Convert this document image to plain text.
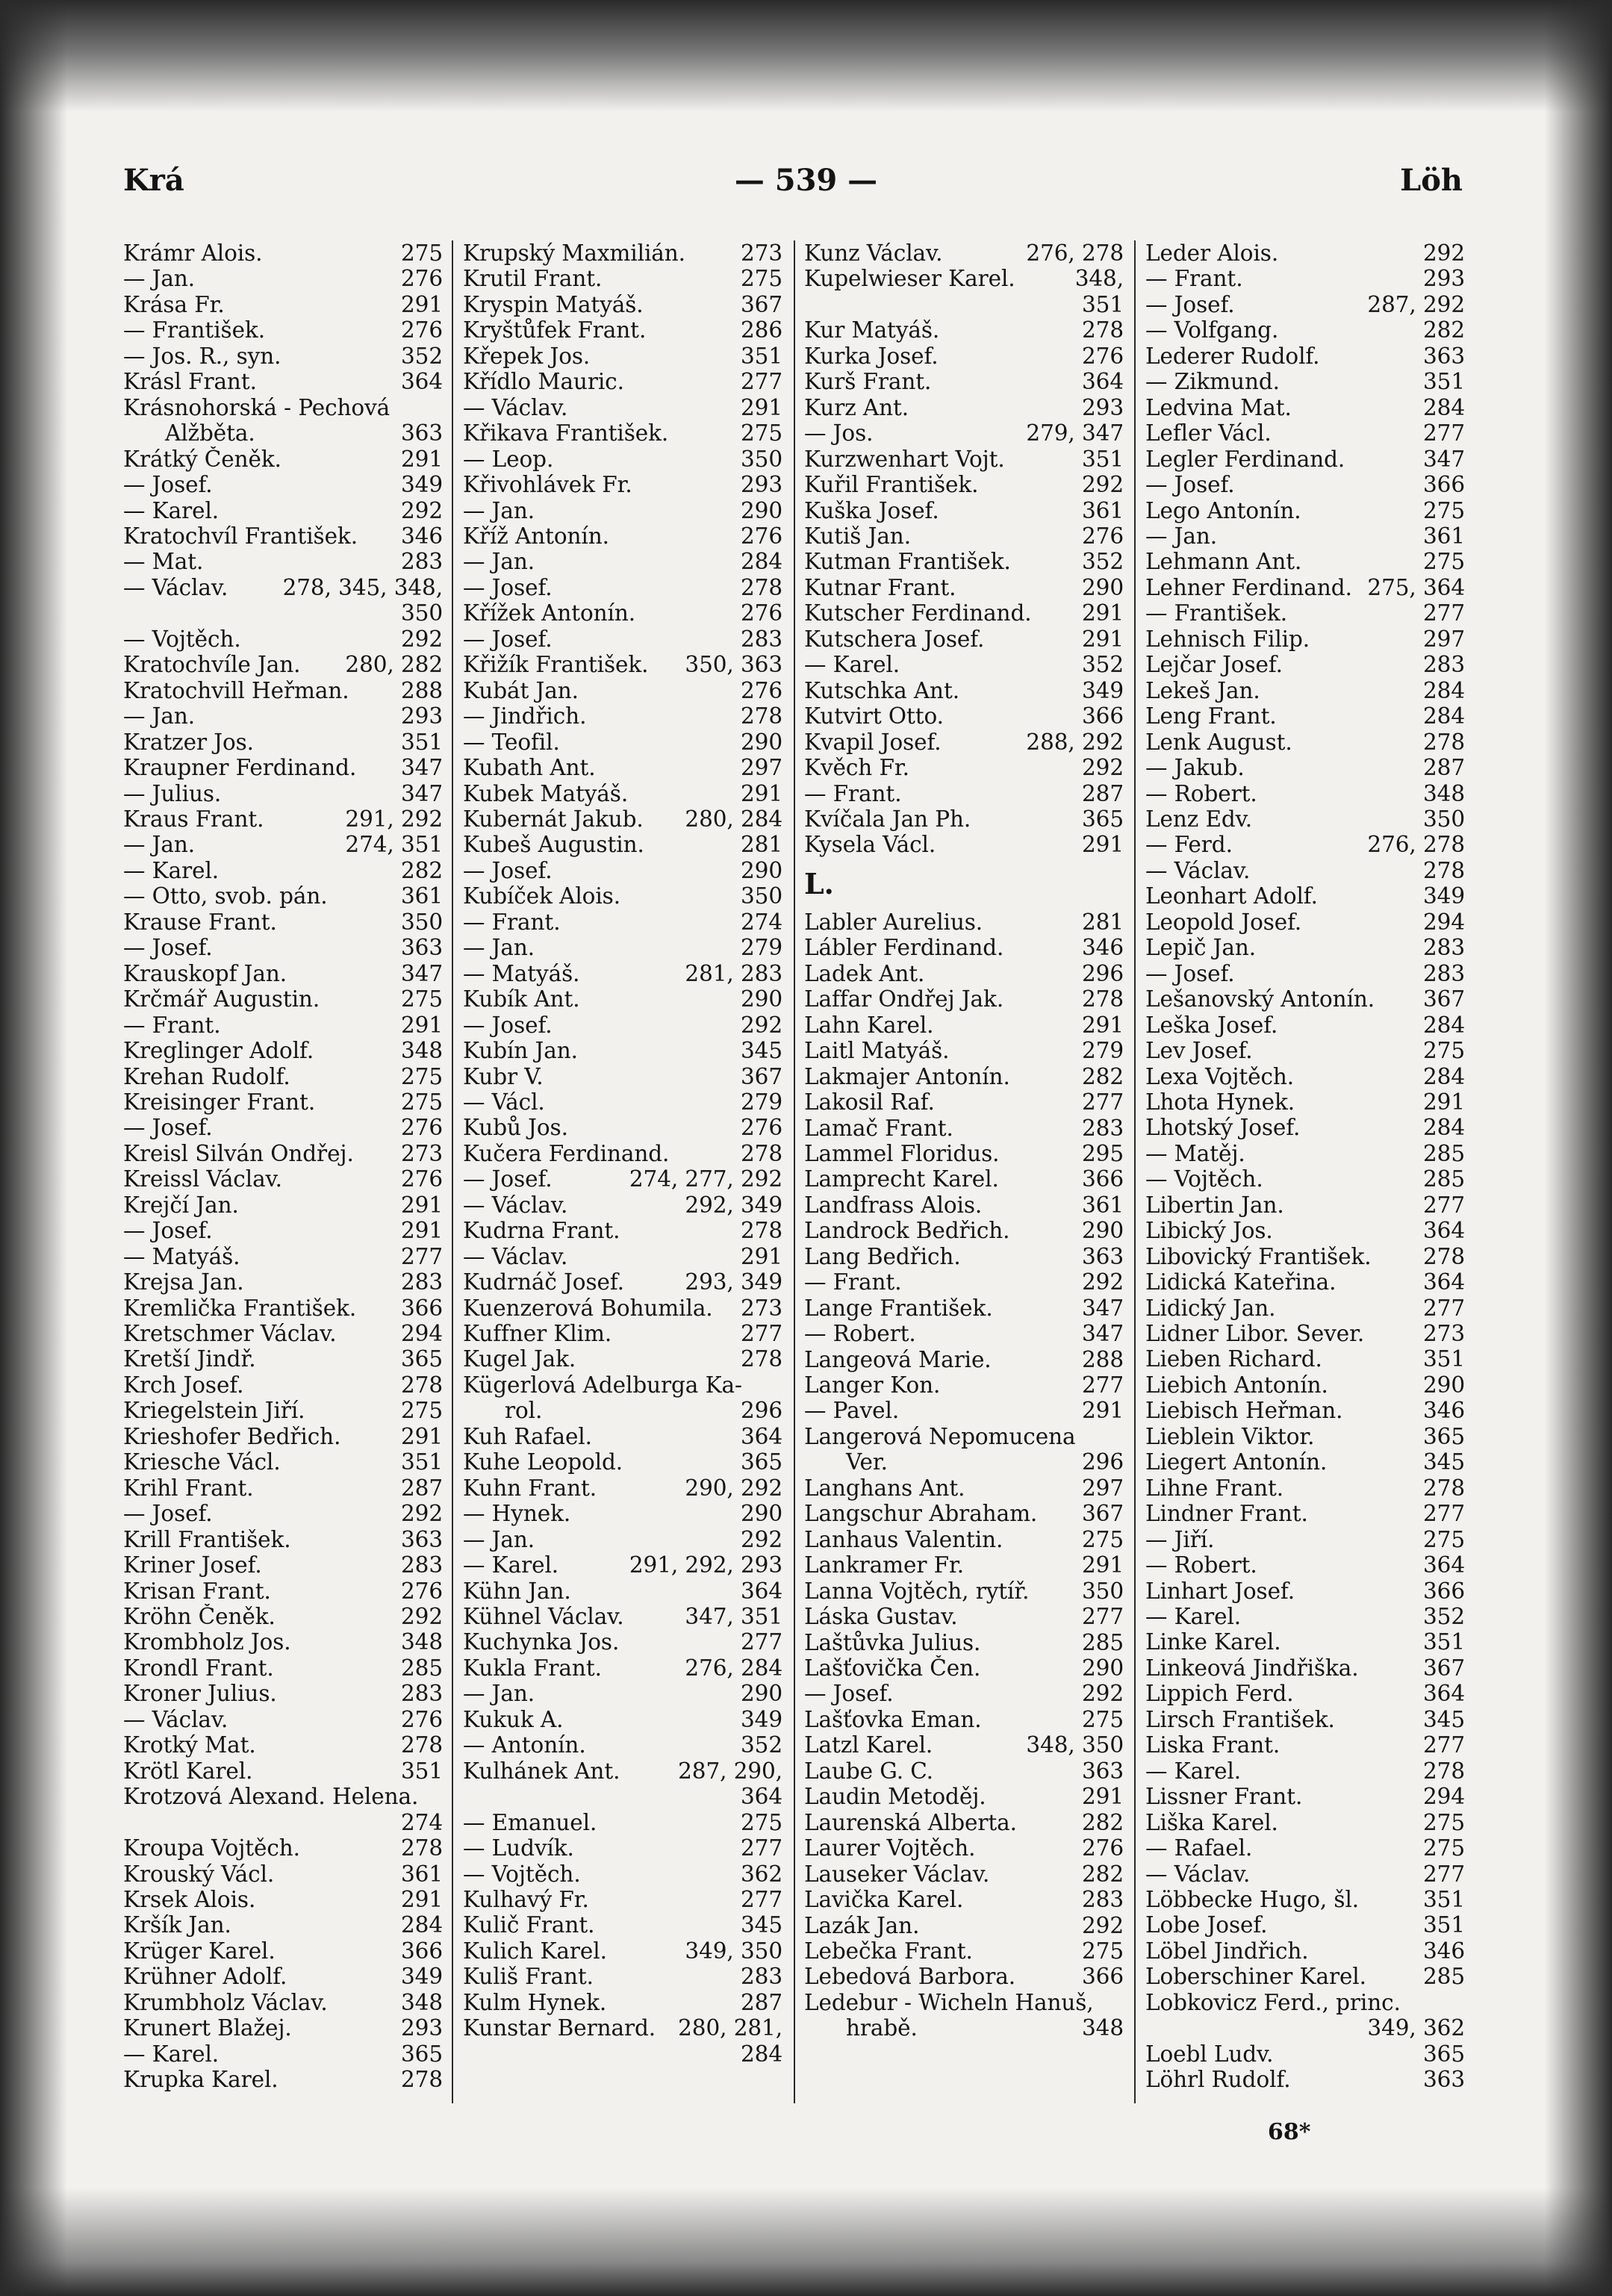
Krá	— 539 —	Löh
Krámr Alois.	275
— Jan.	276
Krása Fr.	291
— František.	276
— Jos. R., syn.	352
Krásl Frant.	364
Krásnohorská - Pechová
Alžběta.	363
Krátký Čeněk.	291
— Josef.	349
— Karel.	292
Kratochvíl František.	346
— Mat.	283
— Václav.	278, 345, 348,
350
— Vojtěch.	292
Kratochvíle Jan.	280, 282
Kratochvill Heřman.	288
— Jan.	293
Kratzer Jos.	351
Kraupner Ferdinand.	347
— Julius.	347
Kraus Frant.	291, 292
— Jan.	274, 351
— Karel.	282
— Otto, svob. pán.	361
Krause Frant.	350
— Josef.	363
Krauskopf Jan.	347
Krčmář Augustin.	275
— Frant.	291
Kreglinger Adolf.	348
Krehan Rudolf.	275
Kreisinger Frant.	275
— Josef.	276
Kreisl Silván Ondřej.	273
Kreissl Václav.	276
Krejčí Jan.	291
— Josef.	291
— Matyáš.	277
Krejsa Jan.	283
Kremlička František.	366
Kretschmer Václav.	294
Kretší Jindř.	365
Krch Josef.	278
Kriegelstein Jiří.	275
Krieshofer Bedřich.	291
Kriesche Václ.	351
Krihl Frant.	287
— Josef.	292
Krill František.	363
Kriner Josef.	283
Krisan Frant.	276
Kröhn Čeněk.	292
Krombholz Jos.	348
Krondl Frant.	285
Kroner Julius.	283
— Václav.	276
Krotký Mat.	278
Krötl Karel.	351
Krotzová Alexand. Helena.
274
Kroupa Vojtěch.	278
Krouský Václ.	361
Krsek Alois.	291
Kršík Jan.	284
Krüger Karel.	366
Krühner Adolf.	349
Krumbholz Václav.	348
Krunert Blažej.	293
— Karel.	365
Krupka Karel.	278
Krupský Maxmilián.	273
Krutil Frant.	275
Kryspin Matyáš.	367
Kryštůfek Frant.	286
Křepek Jos.	351
Křídlo Mauric.	277
— Václav.	291
Křikava František.	275
— Leop.	350
Křivohlávek Fr.	293
— Jan.	290
Kříž Antonín.	276
— Jan.	284
— Josef.	278
Křížek Antonín.	276
— Josef.	283
Křižík František.	350, 363
Kubát Jan.	276
— Jindřich.	278
— Teofil.	290
Kubath Ant.	297
Kubek Matyáš.	291
Kubernát Jakub.	280, 284
Kubeš Augustin.	281
— Josef.	290
Kubíček Alois.	350
— Frant.	274
— Jan.	279
— Matyáš.	281, 283
Kubík Ant.	290
— Josef.	292
Kubín Jan.	345
Kubr V.	367
— Václ.	279
Kubů Jos.	276
Kučera Ferdinand.	278
— Josef.	274, 277, 292
— Václav.	292, 349
Kudrna Frant.	278
— Václav.	291
Kudrnáč Josef.	293, 349
Kuenzerová Bohumila.	273
Kuffner Klim.	277
Kugel Jak.	278
Kügerlová Adelburga Ka-
rol.	296
Kuh Rafael.	364
Kuhe Leopold.	365
Kuhn Frant.	290, 292
— Hynek.	290
— Jan.	292
— Karel.	291, 292, 293
Kühn Jan.	364
Kühnel Václav.	347, 351
Kuchynka Jos.	277
Kukla Frant.	276, 284
— Jan.	290
Kukuk A.	349
— Antonín.	352
Kulhánek Ant.	287, 290,
364
— Emanuel.	275
— Ludvík.	277
— Vojtěch.	362
Kulhavý Fr.	277
Kulič Frant.	345
Kulich Karel.	349, 350
Kuliš Frant.	283
Kulm Hynek.	287
Kunstar Bernard.	280, 281,
284
Kunz Václav.	276, 278
Kupelwieser Karel.	348,
351
Kur Matyáš.	278
Kurka Josef.	276
Kurš Frant.	364
Kurz Ant.	293
— Jos.	279, 347
Kurzwenhart Vojt.	351
Kuřil František.	292
Kuška Josef.	361
Kutiš Jan.	276
Kutman František.	352
Kutnar Frant.	290
Kutscher Ferdinand.	291
Kutschera Josef.	291
— Karel.	352
Kutschka Ant.	349
Kutvirt Otto.	366
Kvapil Josef.	288, 292
Kvěch Fr.	292
— Frant.	287
Kvíčala Jan Ph.	365
Kysela Václ.	291
L.
Labler Aurelius.	281
Lábler Ferdinand.	346
Ladek Ant.	296
Laffar Ondřej Jak.	278
Lahn Karel.	291
Laitl Matyáš.	279
Lakmajer Antonín.	282
Lakosil Raf.	277
Lamač Frant.	283
Lammel Floridus.	295
Lamprecht Karel.	366
Landfrass Alois.	361
Landrock Bedřich.	290
Lang Bedřich.	363
— Frant.	292
Lange František.	347
— Robert.	347
Langeová Marie.	288
Langer Kon.	277
— Pavel.	291
Langerová Nepomucena
Ver.	296
Langhans Ant.	297
Langschur Abraham.	367
Lanhaus Valentin.	275
Lankramer Fr.	291
Lanna Vojtěch, rytíř.	350
Láska Gustav.	277
Laštůvka Julius.	285
Lašťovička Čen.	290
— Josef.	292
Lašťovka Eman.	275
Latzl Karel.	348, 350
Laube G. C.	363
Laudin Metoděj.	291
Laurenská Alberta.	282
Laurer Vojtěch.	276
Lauseker Václav.	282
Lavička Karel.	283
Lazák Jan.	292
Lebečka Frant.	275
Lebedová Barbora.	366
Ledebur - Wicheln Hanuš,
hrabě.	348
Leder Alois.	292
— Frant.	293
— Josef.	287, 292
— Volfgang.	282
Lederer Rudolf.	363
— Zikmund.	351
Ledvina Mat.	284
Lefler Václ.	277
Legler Ferdinand.	347
— Josef.	366
Lego Antonín.	275
— Jan.	361
Lehmann Ant.	275
Lehner Ferdinand. 275, 364
— František.	277
Lehnisch Filip.	297
Lejčar Josef.	283
Lekeš Jan.	284
Leng Frant.	284
Lenk August.	278
— Jakub.	287
— Robert.	348
Lenz Edv.	350
— Ferd.	276, 278
— Václav.	278
Leonhart Adolf.	349
Leopold Josef.	294
Lepič Jan.	283
— Josef.	283
Lešanovský Antonín.	367
Leška Josef.	284
Lev Josef.	275
Lexa Vojtěch.	284
Lhota Hynek.	291
Lhotský Josef.	284
— Matěj.	285
— Vojtěch.	285
Libertin Jan.	277
Libický Jos.	364
Libovický František.	278
Lidická Kateřina.	364
Lidický Jan.	277
Lidner Libor. Sever.	273
Lieben Richard.	351
Liebich Antonín.	290
Liebisch Heřman.	346
Lieblein Viktor.	365
Liegert Antonín.	345
Lihne Frant.	278
Lindner Frant.	277
— Jiří.	275
— Robert.	364
Linhart Josef.	366
— Karel.	352
Linke Karel.	351
Linkeová Jindřiška.	367
Lippich Ferd.	364
Lirsch František.	345
Liska Frant.	277
— Karel.	278
Lissner Frant.	294
Liška Karel.	275
— Rafael.	275
— Václav.	277
Löbbecke Hugo, šl.	351
Lobe Josef.	351
Löbel Jindřich.	346
Loberschiner Karel.	285
Lobkovicz Ferd., princ.
349, 362
Loebl Ludv.	365
Löhrl Rudolf.	363
68*
